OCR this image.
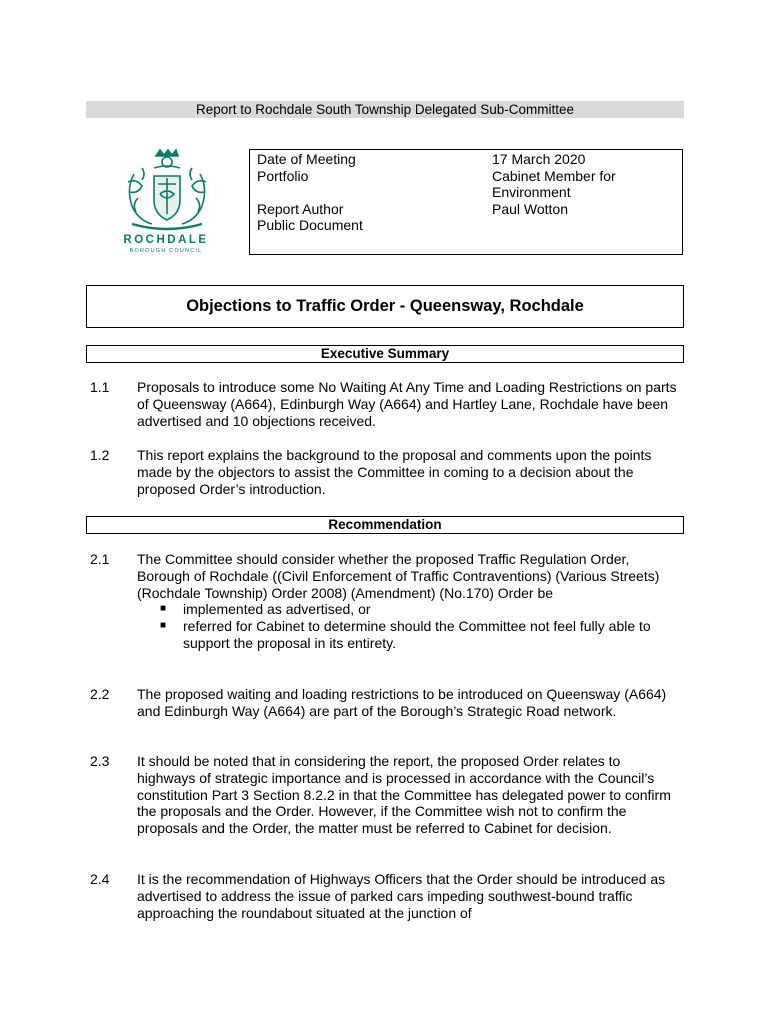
Report to Rochdale South Township Delegated Sub-Committee
ROCHDALE
BOROUGH COUNCIL
Date of Meeting
Portfolio
Report Author
Public Document
17 March 2020
Cabinet Member for
Environment
Paul Wotton
Objections to Traffic Order - Queensway, Rochdale
Executive Summary
1.1 Proposals to introduce some No Waiting At Any Time and Loading Restrictions on parts of Queensway (A664), Edinburgh Way (A664) and Hartley Lane, Rochdale have been advertised and 10 objections received.
1.2 This report explains the background to the proposal and comments upon the points made by the objectors to assist the Committee in coming to a decision about the proposed Order’s introduction.
Recommendation
2.1 The Committee should consider whether the proposed Traffic Regulation Order, Borough of Rochdale ((Civil Enforcement of Traffic Contraventions) (Various Streets) (Rochdale Township) Order 2008) (Amendment) (No.170) Order be
■ implemented as advertised, or
■ referred for Cabinet to determine should the Committee not feel fully able to support the proposal in its entirety.
2.2 The proposed waiting and loading restrictions to be introduced on Queensway (A664) and Edinburgh Way (A664) are part of the Borough’s Strategic Road network.
2.3 It should be noted that in considering the report, the proposed Order relates to highways of strategic importance and is processed in accordance with the Council’s constitution Part 3 Section 8.2.2 in that the Committee has delegated power to confirm the proposals and the Order. However, if the Committee wish not to confirm the proposals and the Order, the matter must be referred to Cabinet for decision.
2.4 It is the recommendation of Highways Officers that the Order should be introduced as advertised to address the issue of parked cars impeding southwest-bound traffic approaching the roundabout situated at the junction of
